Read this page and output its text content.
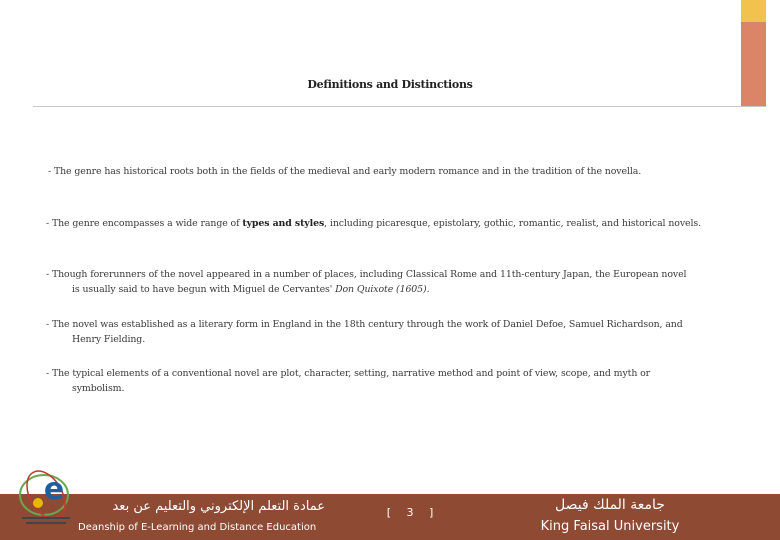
Definitions and Distinctions
- The genre has historical roots both in the fields of the medieval and early modern romance and in the tradition of the novella.
- The genre encompasses a wide range of types and styles, including picaresque, epistolary, gothic, romantic, realist, and historical novels.
- Though forerunners of the novel appeared in a number of places, including Classical Rome and 11th-century Japan, the European novel
is usually said to have begun with Miguel de Cervantes' Don Quixote (1605).
- The novel was established as a literary form in England in the 18th century through the work of Daniel Defoe, Samuel Richardson, and
Henry Fielding.
- The typical elements of a conventional novel are plot, character, setting, narrative method and point of view, scope, and myth or
symbolism.
e	عمادة التعلم الإلكتروني والتعليم عن بعد
Deanship of E-Learning and Distance Education
[ 3 ]	جامعة الملك فيصل
King Faisal University
